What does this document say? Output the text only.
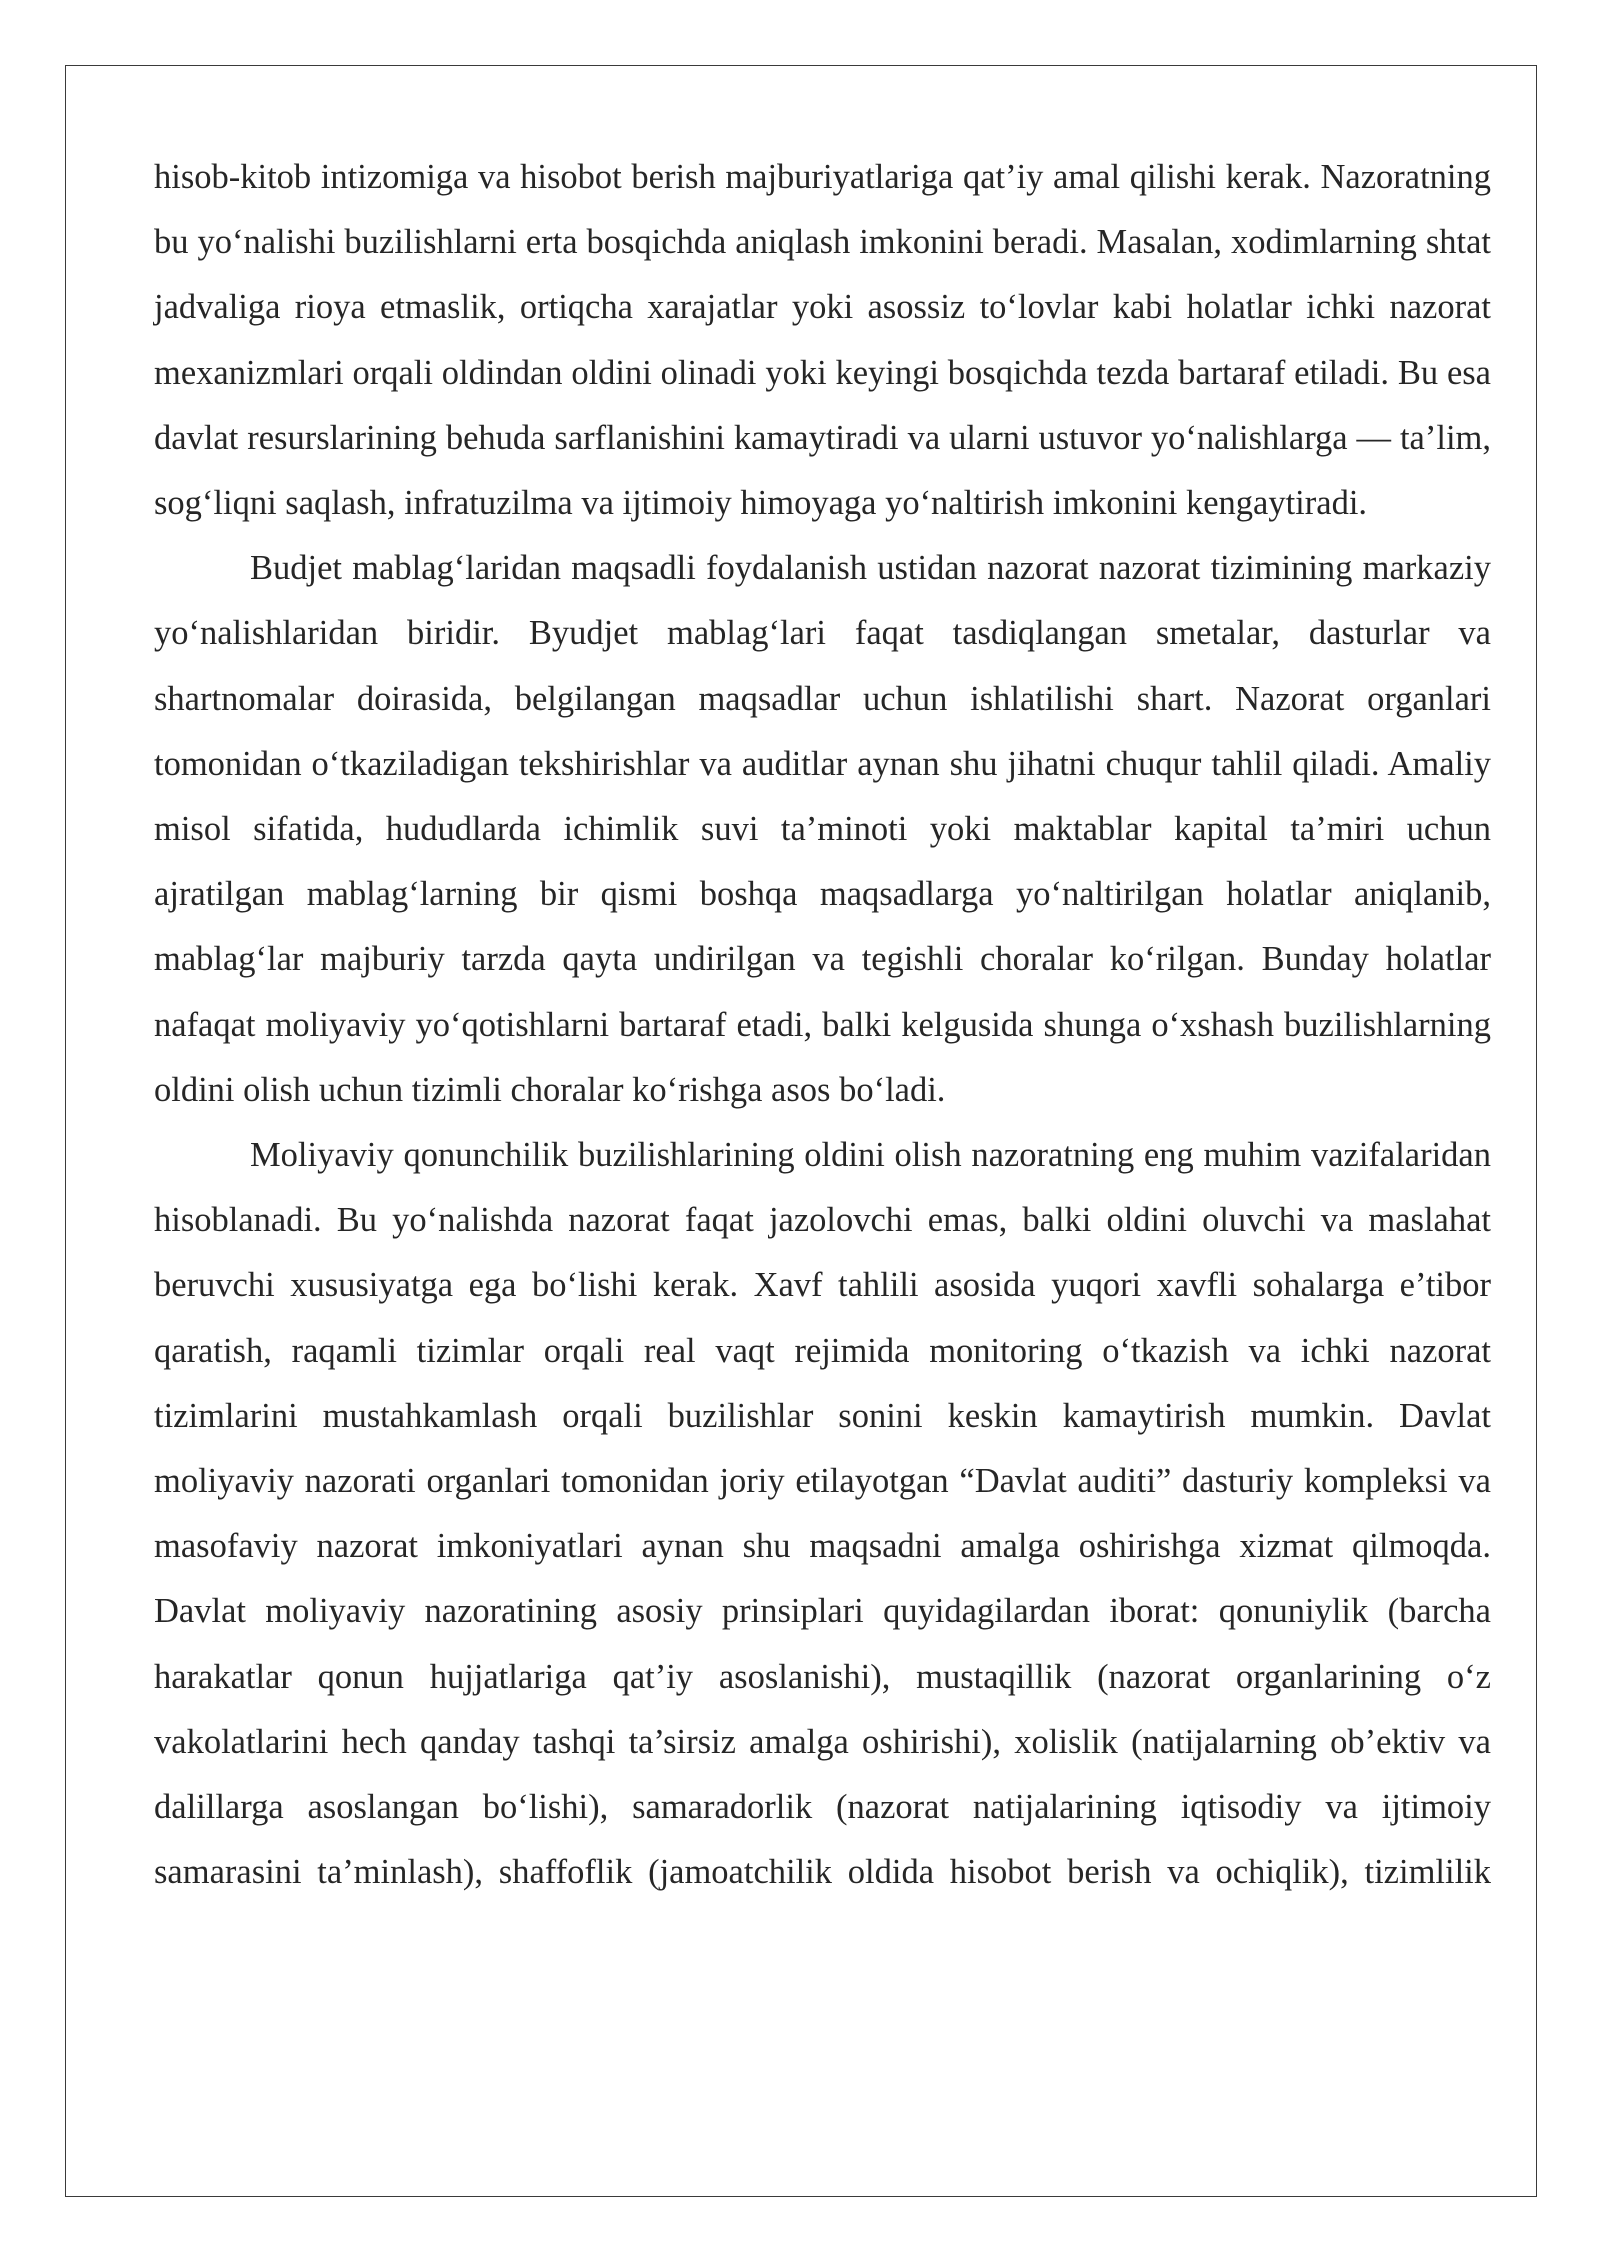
hisob-kitob intizomiga va hisobot berish majburiyatlariga qat’iy amal qilishi kerak. Nazoratning bu yo‘nalishi buzilishlarni erta bosqichda aniqlash imkonini beradi. Masalan, xodimlarning shtat jadvaliga rioya etmaslik, ortiqcha xarajatlar yoki asossiz to‘lovlar kabi holatlar ichki nazorat mexanizmlari orqali oldindan oldini olinadi yoki keyingi bosqichda tezda bartaraf etiladi. Bu esa davlat resurslarining behuda sarflanishini kamaytiradi va ularni ustuvor yo‘nalishlarga — ta’lim, sog‘liqni saqlash, infratuzilma va ijtimoiy himoyaga yo‘naltirish imkonini kengaytiradi.

Budjet mablag‘laridan maqsadli foydalanish ustidan nazorat nazorat tizimining markaziy yo‘nalishlaridan biridir. Byudjet mablag‘lari faqat tasdiqlangan smetalar, dasturlar va shartnomalar doirasida, belgilangan maqsadlar uchun ishlatilishi shart. Nazorat organlari tomonidan o‘tkaziladigan tekshirishlar va auditlar aynan shu jihatni chuqur tahlil qiladi. Amaliy misol sifatida, hududlarda ichimlik suvi ta’minoti yoki maktablar kapital ta’miri uchun ajratilgan mablag‘larning bir qismi boshqa maqsadlarga yo‘naltirilgan holatlar aniqlanib, mablag‘lar majburiy tarzda qayta undirilgan va tegishli choralar ko‘rilgan. Bunday holatlar nafaqat moliyaviy yo‘qotishlarni bartaraf etadi, balki kelgusida shunga o‘xshash buzilishlarning oldini olish uchun tizimli choralar ko‘rishga asos bo‘ladi.

Moliyaviy qonunchilik buzilishlarining oldini olish nazoratning eng muhim vazifalaridan hisoblanadi. Bu yo‘nalishda nazorat faqat jazolovchi emas, balki oldini oluvchi va maslahat beruvchi xususiyatga ega bo‘lishi kerak. Xavf tahlili asosida yuqori xavfli sohalarga e’tibor qaratish, raqamli tizimlar orqali real vaqt rejimida monitoring o‘tkazish va ichki nazorat tizimlarini mustahkamlash orqali buzilishlar sonini keskin kamaytirish mumkin. Davlat moliyaviy nazorati organlari tomonidan joriy etilayotgan “Davlat auditi” dasturiy kompleksi va masofaviy nazorat imkoniyatlari aynan shu maqsadni amalga oshirishga xizmat qilmoqda. Davlat moliyaviy nazoratining asosiy prinsiplari quyidagilardan iborat: qonuniylik (barcha harakatlar qonun hujjatlariga qat’iy asoslanishi), mustaqillik (nazorat organlarining o‘z vakolatlarini hech qanday tashqi ta’sirsiz amalga oshirishi), xolislik (natijalarning ob’ektiv va dalillarga asoslangan bo‘lishi), samaradorlik (nazorat natijalarining iqtisodiy va ijtimoiy samarasini ta’minlash), shaffoflik (jamoatchilik oldida hisobot berish va ochiqlik), tizimlilik
